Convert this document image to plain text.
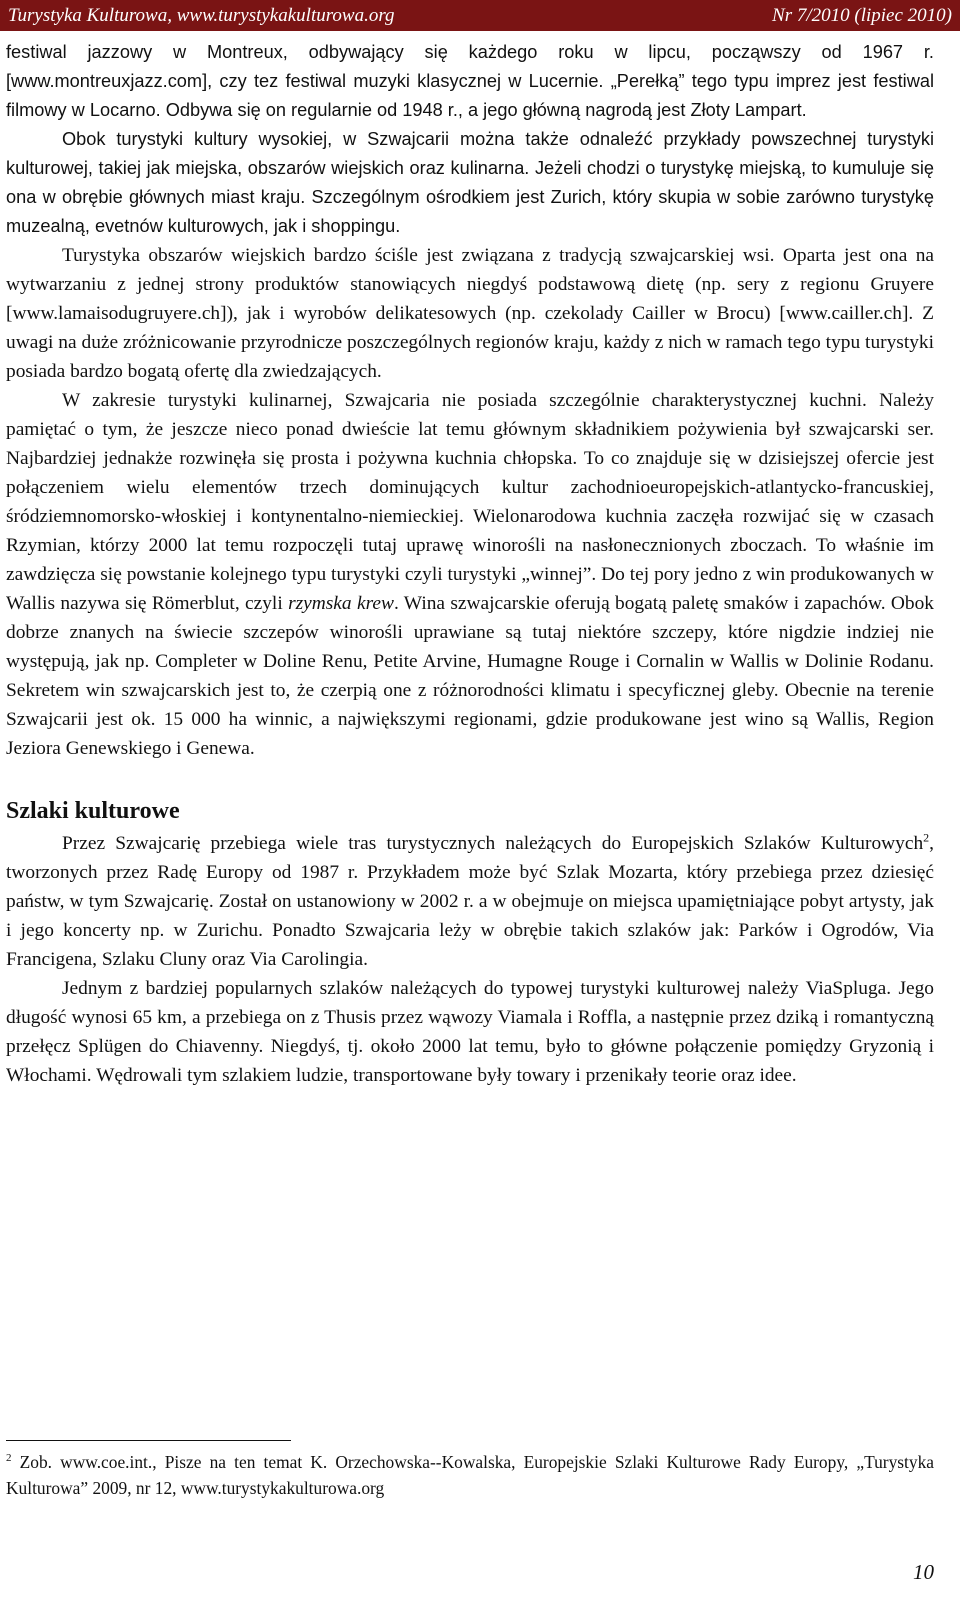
Turystyka Kulturowa, www.turystykakulturowa.org	Nr 7/2010 (lipiec 2010)

festiwal jazzowy w Montreux, odbywający się każdego roku w lipcu, począwszy od 1967 r. [www.montreuxjazz.com], czy tez festiwal muzyki klasycznej w Lucernie. „Perełką” tego typu imprez jest festiwal filmowy w Locarno. Odbywa się on regularnie od 1948 r., a jego główną nagrodą jest Złoty Lampart.

Obok turystyki kultury wysokiej, w Szwajcarii można także odnaleźć przykłady powszechnej turystyki kulturowej, takiej jak miejska, obszarów wiejskich oraz kulinarna. Jeżeli chodzi o turystykę miejską, to kumuluje się ona w obrębie głównych miast kraju. Szczególnym ośrodkiem jest Zurich, który skupia w sobie zarówno turystykę muzealną, evetnów kulturowych, jak i shoppingu.

Turystyka obszarów wiejskich bardzo ściśle jest związana z tradycją szwajcarskiej wsi. Oparta jest ona na wytwarzaniu z jednej strony produktów stanowiących niegdyś podstawową dietę (np. sery z regionu Gruyere [www.lamaisodugruyere.ch]), jak i wyrobów delikatesowych (np. czekolady Cailler w Brocu) [www.cailler.ch]. Z uwagi na duże zróżnicowanie przyrodnicze poszczególnych regionów kraju, każdy z nich w ramach tego typu turystyki posiada bardzo bogatą ofertę dla zwiedzających.

W zakresie turystyki kulinarnej, Szwajcaria nie posiada szczególnie charakterystycznej kuchni. Należy pamiętać o tym, że jeszcze nieco ponad dwieście lat temu głównym składnikiem pożywienia był szwajcarski ser. Najbardziej jednakże rozwinęła się prosta i pożywna kuchnia chłopska. To co znajduje się w dzisiejszej ofercie jest połączeniem wielu elementów trzech dominujących kultur zachodnioeuropejskich-atlantycko-francuskiej, śródziemnomorsko-włoskiej i kontynentalno-niemieckiej. Wielonarodowa kuchnia zaczęła rozwijać się w czasach Rzymian, którzy 2000 lat temu rozpoczęli tutaj uprawę winorośli na nasłonecznionych zboczach. To właśnie im zawdzięcza się powstanie kolejnego typu turystyki czyli turystyki „winnej”. Do tej pory jedno z win produkowanych w Wallis nazywa się Römerblut, czyli rzymska krew. Wina szwajcarskie oferują bogatą paletę smaków i zapachów. Obok dobrze znanych na świecie szczepów winorośli uprawiane są tutaj niektóre szczepy, które nigdzie indziej nie występują, jak np. Completer w Doline Renu, Petite Arvine, Humagne Rouge i Cornalin w Wallis w Dolinie Rodanu. Sekretem win szwajcarskich jest to, że czerpią one z różnorodności klimatu i specyficznej gleby. Obecnie na terenie Szwajcarii jest ok. 15 000 ha winnic, a największymi regionami, gdzie produkowane jest wino są Wallis, Region Jeziora Genewskiego i Genewa.

Szlaki kulturowe

Przez Szwajcarię przebiega wiele tras turystycznych należących do Europejskich Szlaków Kulturowych$^2$, tworzonych przez Radę Europy od 1987 r. Przykładem może być Szlak Mozarta, który przebiega przez dziesięć państw, w tym Szwajcarię. Został on ustanowiony w 2002 r. a w obejmuje on miejsca upamiętniające pobyt artysty, jak i jego koncerty np. w Zurichu. Ponadto Szwajcaria leży w obrębie takich szlaków jak: Parków i Ogrodów, Via Francigena, Szlaku Cluny oraz Via Carolingia.

Jednym z bardziej popularnych szlaków należących do typowej turystyki kulturowej należy ViaSpluga. Jego długość wynosi 65 km, a przebiega on z Thusis przez wąwozy Viamala i Roffla, a następnie przez dziką i romantyczną przełęcz Splügen do Chiavenny. Niegdyś, tj. około 2000 lat temu, było to główne połączenie pomiędzy Gryzonią i Włochami. Wędrowali tym szlakiem ludzie, transportowane były towary i przenikały teorie oraz idee.

$^2$ Zob. www.coe.int., Pisze na ten temat K. Orzechowska--Kowalska, Europejskie Szlaki Kulturowe Rady Europy, „Turystyka Kulturowa” 2009, nr 12, www.turystykakulturowa.org
10
